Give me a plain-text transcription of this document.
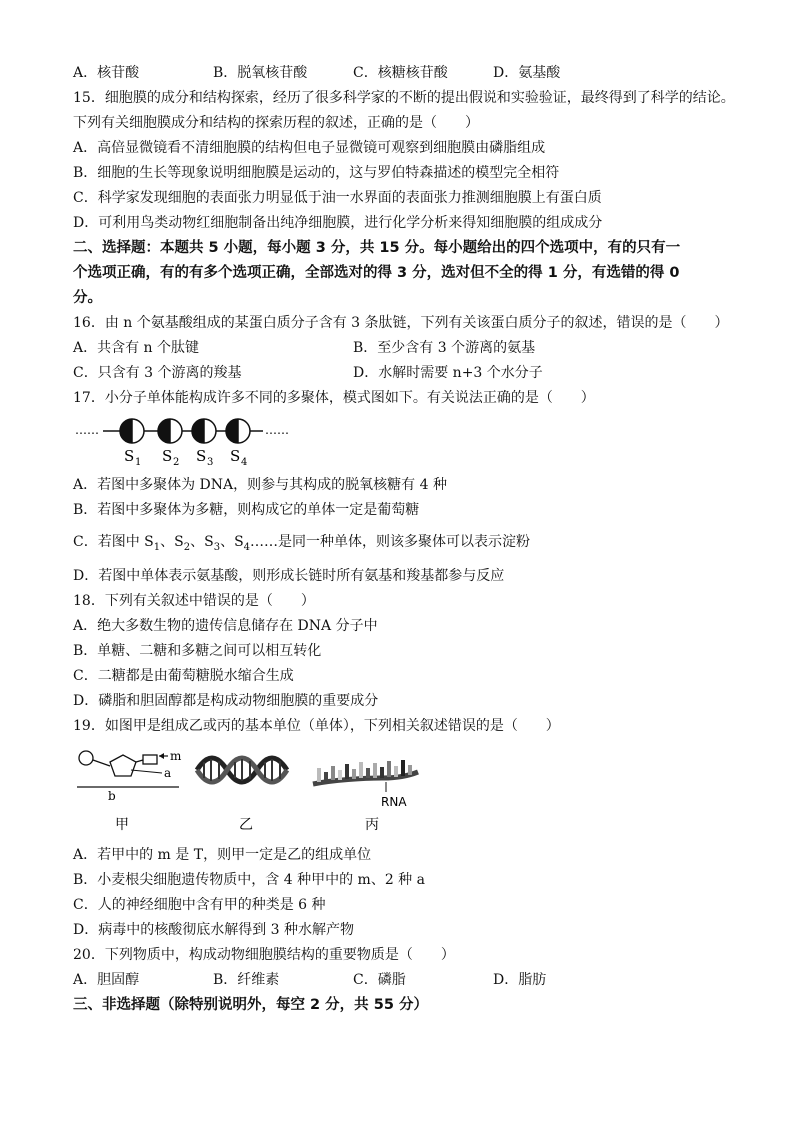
A．核苷酸	B．脱氧核苷酸	C．核糖核苷酸	D．氨基酸
15．细胞膜的成分和结构探索，经历了很多科学家的不断的提出假说和实验验证，最终得到了科学的结论。
下列有关细胞膜成分和结构的探索历程的叙述，正确的是（　　）
A．高倍显微镜看不清细胞膜的结构但电子显微镜可观察到细胞膜由磷脂组成
B．细胞的生长等现象说明细胞膜是运动的，这与罗伯特森描述的模型完全相符
C．科学家发现细胞的表面张力明显低于油一水界面的表面张力推测细胞膜上有蛋白质
D．可利用鸟类动物红细胞制备出纯净细胞膜，进行化学分析来得知细胞膜的组成成分
二、选择题：本题共 5 小题，每小题 3 分，共 15 分。每小题给出的四个选项中，有的只有一
个选项正确，有的有多个选项正确，全部选对的得 3 分，选对但不全的得 1 分，有选错的得 0
分。
16．由 n 个氨基酸组成的某蛋白质分子含有 3 条肽链，下列有关该蛋白质分子的叙述，错误的是（　　）
A．共含有 n 个肽键	B．至少含有 3 个游离的氨基
C．只含有 3 个游离的羧基	D．水解时需要 n+3 个水分子
17．小分子单体能构成许多不同的多聚体，模式图如下。有关说法正确的是（　　）
……	……
S 1 S 2 S 3 S 4
A．若图中多聚体为 DNA，则参与其构成的脱氧核糖有 4 种
B．若图中多聚体为多糖，则构成它的单体一定是葡萄糖
C．若图中 $S_1$、$S_2$、$S_3$、$S_4\dots\dots$是同一种单体，则该多聚体可以表示淀粉
D．若图中单体表示氨基酸，则形成长链时所有氨基和羧基都参与反应
18．下列有关叙述中错误的是（　　）
A．绝大多数生物的遗传信息储存在 DNA 分子中
B．单糖、二糖和多糖之间可以相互转化
C．二糖都是由葡萄糖脱水缩合生成
D．磷脂和胆固醇都是构成动物细胞膜的重要成分
19．如图甲是组成乙或丙的基本单位（单体），下列相关叙述错误的是（　　）
m
a
b
甲	乙
RNA
丙
A．若甲中的 m 是 T，则甲一定是乙的组成单位
B．小麦根尖细胞遗传物质中，含 4 种甲中的 m、2 种 a
C．人的神经细胞中含有甲的种类是 6 种
D．病毒中的核酸彻底水解得到 3 种水解产物
20．下列物质中，构成动物细胞膜结构的重要物质是（　　）
A．胆固醇	B．纤维素	C．磷脂	D．脂肪
三、非选择题（除特别说明外，每空 2 分，共 55 分）
